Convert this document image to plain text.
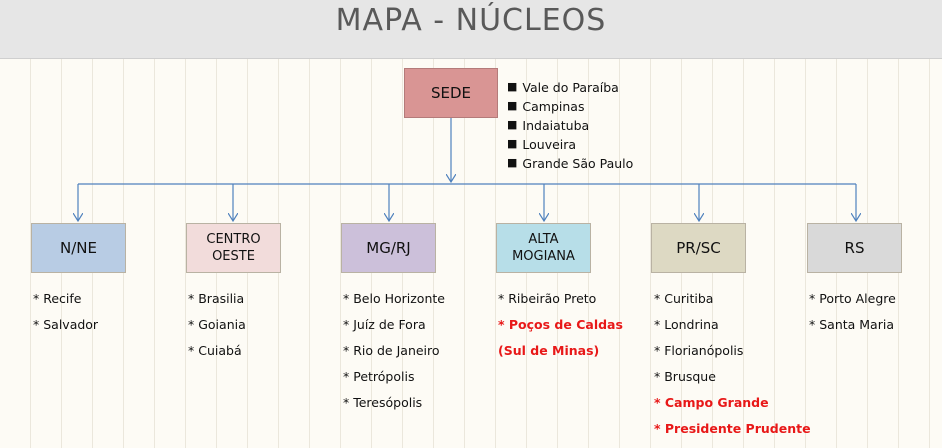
MAPA - NÚCLEOS
SEDE	■ Vale do Paraíba
■ Campinas
■ Indaiatuba
■ Louveira
■ Grande São Paulo
N/NE
* Recife
* Salvador
CENTRO
OESTE
* Brasilia
* Goiania
* Cuiabá
MG/RJ
* Belo Horizonte
* Juíz de Fora
* Rio de Janeiro
* Petrópolis
* Teresópolis
ALTA
MOGIANA
* Ribeirão Preto
* Poços de Caldas
(Sul de Minas)
PR/SC
* Curitiba
* Londrina
* Florianópolis
* Brusque
* Campo Grande
* Presidente Prudente
RS
* Porto Alegre
* Santa Maria
